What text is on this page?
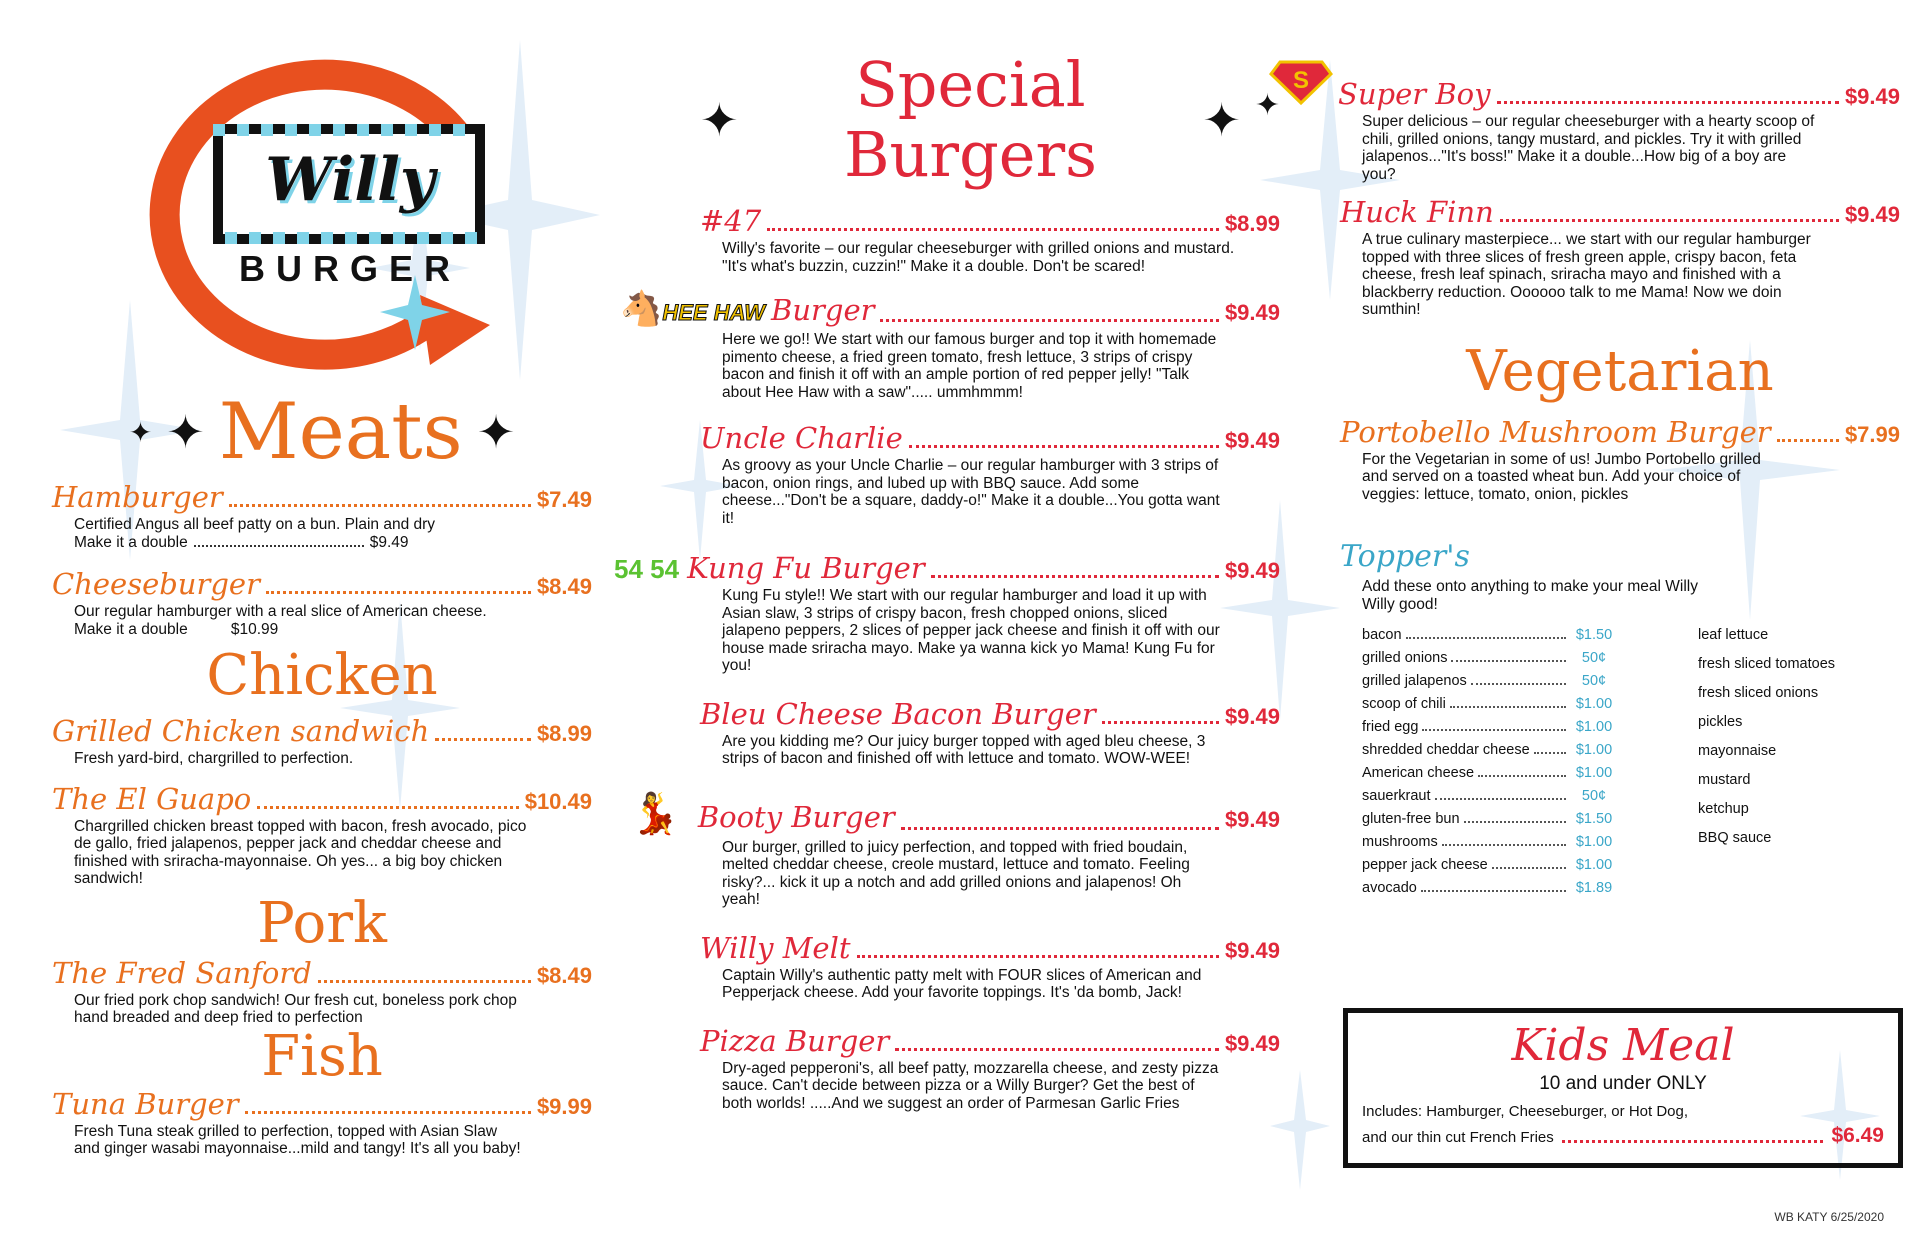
Willy
BURGER
✦ ✦ Meats ✦
Hamburger	$7.49
Certified Angus all beef patty on a bun. Plain and dry
Make it a double	$9.49
Cheeseburger	$8.49
Our regular hamburger with a real slice of American cheese. Make it a double	$10.99
Chicken
Grilled Chicken sandwich	$8.99
Fresh yard-bird, chargrilled to perfection.
The El Guapo	$10.49
Chargrilled chicken breast topped with bacon, fresh avocado, pico de gallo, fried jalapenos, pepper jack and cheddar cheese and finished with sriracha-mayonnaise. Oh yes... a big boy chicken sandwich!
Pork
The Fred Sanford	$8.49
Our fried pork chop sandwich! Our fresh cut, boneless pork chop hand breaded and deep fried to perfection
Fish
Tuna Burger	$9.99
Fresh Tuna steak grilled to perfection, topped with Asian Slaw and ginger wasabi mayonnaise...mild and tangy! It's all you baby!
✦	Special Burgers	✦ ✦
#47	$8.99
Willy's favorite – our regular cheeseburger with grilled onions and mustard. "It's what's buzzin, cuzzin!" Make it a double. Don't be scared!
🐴 HEE HAW Burger	$9.49
Here we go!! We start with our famous burger and top it with homemade pimento cheese, a fried green tomato, fresh lettuce, 3 strips of crispy bacon and finish it off with an ample portion of red pepper jelly! "Talk about Hee Haw with a saw"..... ummhmmm!
Uncle Charlie	$9.49
As groovy as your Uncle Charlie – our regular hamburger with 3 strips of bacon, onion rings, and lubed up with BBQ sauce. Add some cheese..."Don't be a square, daddy-o!" Make it a double...You gotta want it!
54 54 Kung Fu Burger	$9.49
Kung Fu style!! We start with our regular hamburger and load it up with Asian slaw, 3 strips of crispy bacon, fresh chopped onions, sliced jalapeno peppers, 2 slices of pepper jack cheese and finish it off with our house made sriracha mayo. Make ya wanna kick yo Mama! Kung Fu for you!
Bleu Cheese Bacon Burger	$9.49
Are you kidding me? Our juicy burger topped with aged bleu cheese, 3 strips of bacon and finished off with lettuce and tomato. WOW-WEE!
💃 Booty Burger	$9.49
Our burger, grilled to juicy perfection, and topped with fried boudain, melted cheddar cheese, creole mustard, lettuce and tomato. Feeling risky?... kick it up a notch and add grilled onions and jalapenos! Oh yeah!
Willy Melt	$9.49
Captain Willy's authentic patty melt with FOUR slices of American and Pepperjack cheese. Add your favorite toppings. It's 'da bomb, Jack!
Pizza Burger	$9.49
Dry-aged pepperoni's, all beef patty, mozzarella cheese, and zesty pizza sauce. Can't decide between pizza or a Willy Burger? Get the best of both worlds! .....And we suggest an order of Parmesan Garlic Fries
S Super Boy	$9.49
Super delicious – our regular cheeseburger with a hearty scoop of chili, grilled onions, tangy mustard, and pickles. Try it with grilled jalapenos..."It's boss!" Make it a double...How big of a boy are you?
Huck Finn	$9.49
A true culinary masterpiece... we start with our regular hamburger topped with three slices of fresh green apple, crispy bacon, feta cheese, fresh leaf spinach, sriracha mayo and finished with a blackberry reduction. Oooooo talk to me Mama! Now we doin sumthin!
Vegetarian
Portobello Mushroom Burger	$7.99
For the Vegetarian in some of us! Jumbo Portobello grilled and served on a toasted wheat bun. Add your choice of veggies: lettuce, tomato, onion, pickles
Topper's
Add these onto anything to make your meal Willy Willy good!
bacon	$1.50
grilled onions	50¢
grilled jalapenos	50¢
scoop of chili	$1.00
fried egg	$1.00
shredded cheddar cheese	$1.00
American cheese	$1.00
sauerkraut	50¢
gluten-free bun	$1.50
mushrooms	$1.00
pepper jack cheese	$1.00
avocado	$1.89
leaf lettuce
fresh sliced tomatoes
fresh sliced onions
pickles
mayonnaise
mustard
ketchup
BBQ sauce
Kids Meal
10 and under ONLY
Includes: Hamburger, Cheeseburger, or Hot Dog,
and our thin cut French Fries	$6.49
WB KATY 6/25/2020
